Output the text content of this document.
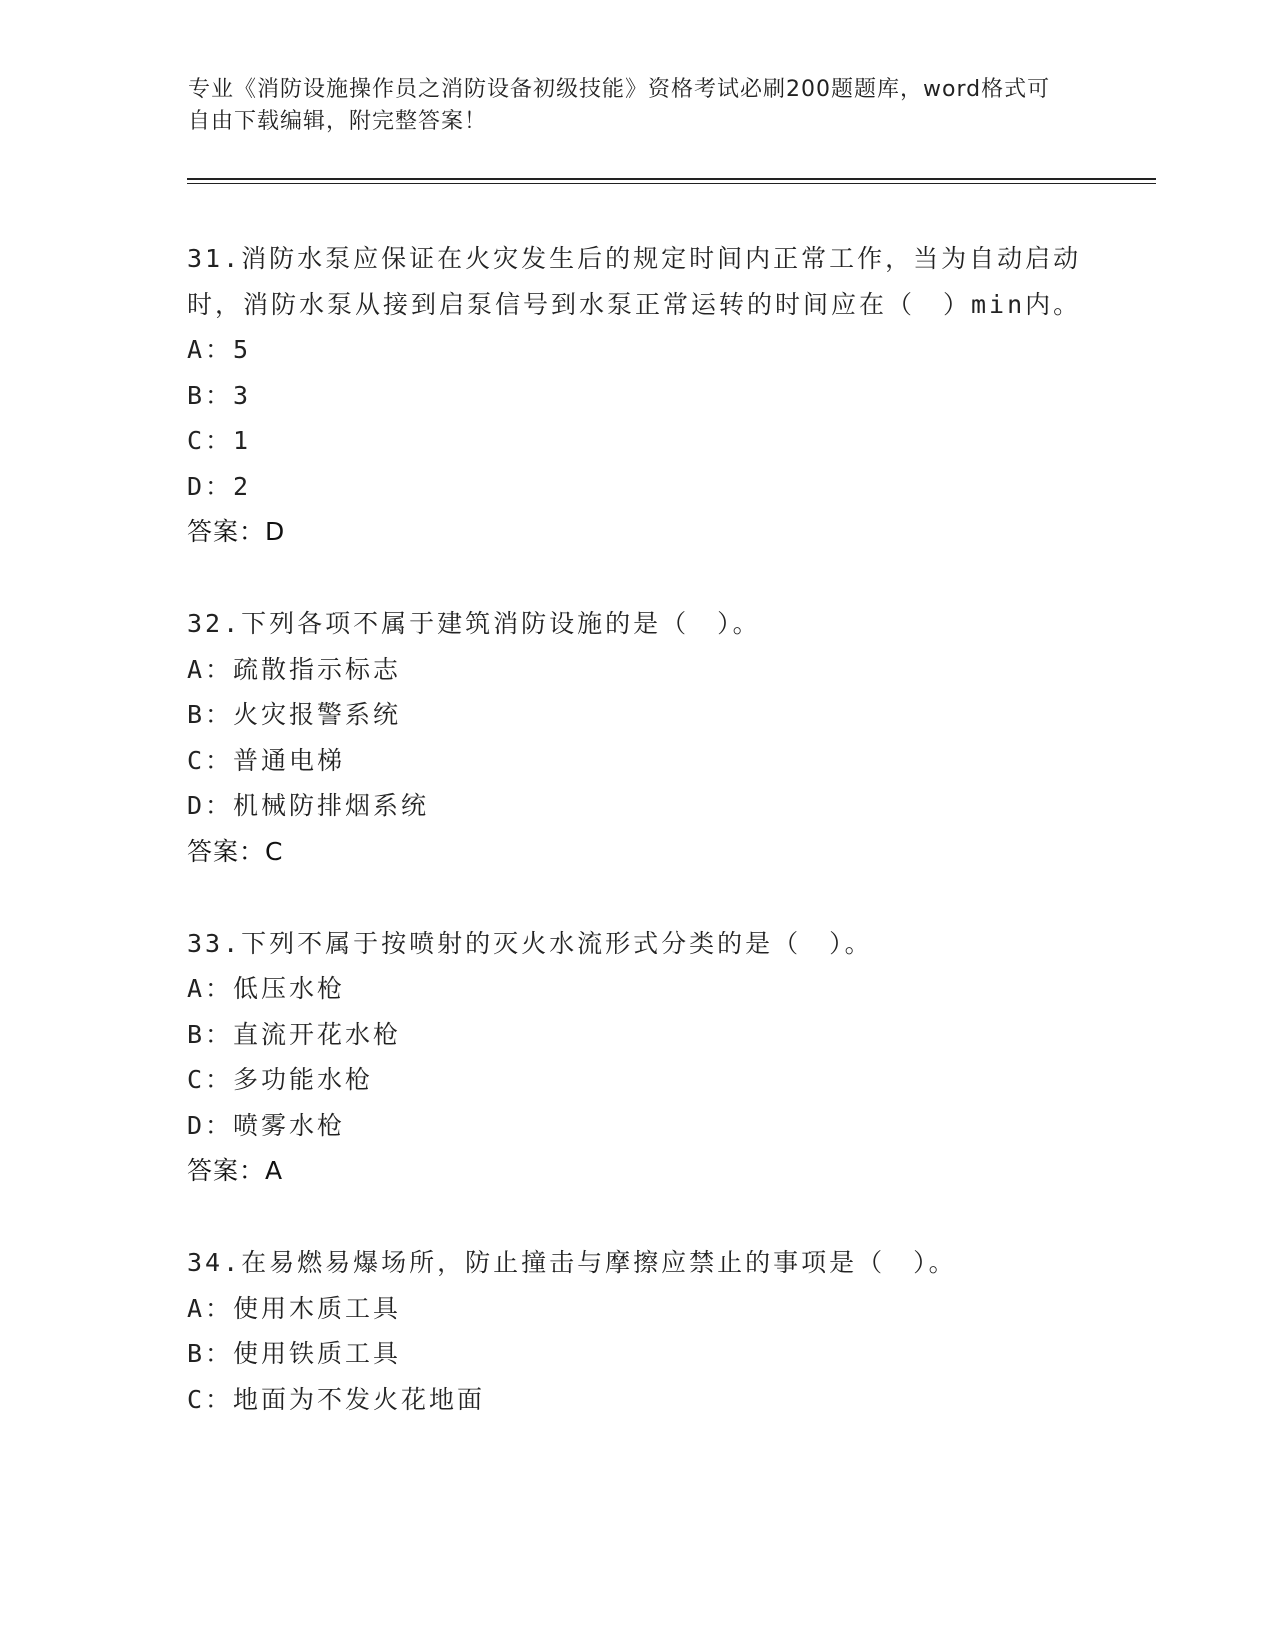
专业《消防设施操作员之消防设备初级技能》资格考试必刷200题题库，word格式可自由下载编辑，附完整答案！
31.消防水泵应保证在火灾发生后的规定时间内正常工作，当为自动启动时，消防水泵从接到启泵信号到水泵正常运转的时间应在（　）min内。
A：5
B：3
C：1
D：2
答案：D
32.下列各项不属于建筑消防设施的是（　）。
A：疏散指示标志
B：火灾报警系统
C：普通电梯
D：机械防排烟系统
答案：C
33.下列不属于按喷射的灭火水流形式分类的是（　）。
A：低压水枪
B：直流开花水枪
C：多功能水枪
D：喷雾水枪
答案：A
34.在易燃易爆场所，防止撞击与摩擦应禁止的事项是（　）。
A：使用木质工具
B：使用铁质工具
C：地面为不发火花地面
